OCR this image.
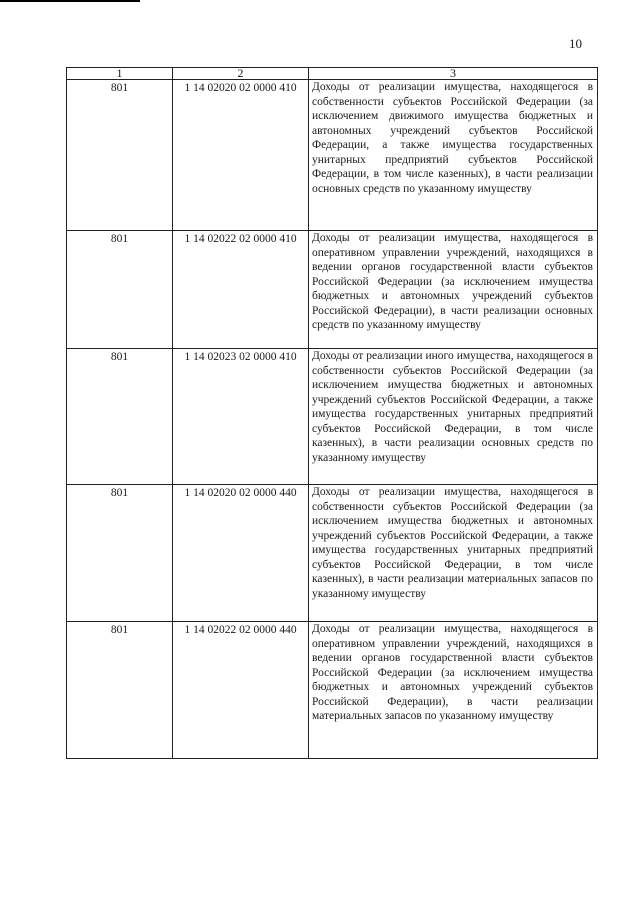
10
1	2	3
801	1 14 02020 02 0000 410	Доходы от реализации имущества, находящегося в собственности субъектов Российской Федерации (за исключением движимого имущества бюджетных и автономных учреждений субъектов Российской Федерации, а также имущества государственных унитарных предприятий субъектов Российской Федерации, в том числе казенных), в части реализации основных средств по указанному имуществу
801	1 14 02022 02 0000 410	Доходы от реализации имущества, находящегося в оперативном управлении учреждений, находящихся в ведении органов государственной власти субъектов Российской Федерации (за исключением имущества бюджетных и автономных учреждений субъектов Российской Федерации), в части реализации основных средств по указанному имуществу
801	1 14 02023 02 0000 410	Доходы от реализации иного имущества, находящегося в собственности субъектов Российской Федерации (за исключением имущества бюджетных и автономных учреждений субъектов Российской Федерации, а также имущества государственных унитарных предприятий субъектов Российской Федерации, в том числе казенных), в части реализации основных средств по указанному имуществу
801	1 14 02020 02 0000 440	Доходы от реализации имущества, находящегося в собственности субъектов Российской Федерации (за исключением имущества бюджетных и автономных учреждений субъектов Российской Федерации, а также имущества государственных унитарных предприятий субъектов Российской Федерации, в том числе казенных), в части реализации материальных запасов по указанному имуществу
801	1 14 02022 02 0000 440	Доходы от реализации имущества, находящегося в оперативном управлении учреждений, находящихся в ведении органов государственной власти субъектов Российской Федерации (за исключением имущества бюджетных и автономных учреждений субъектов Российской Федерации), в части реализации материальных запасов по указанному имуществу
